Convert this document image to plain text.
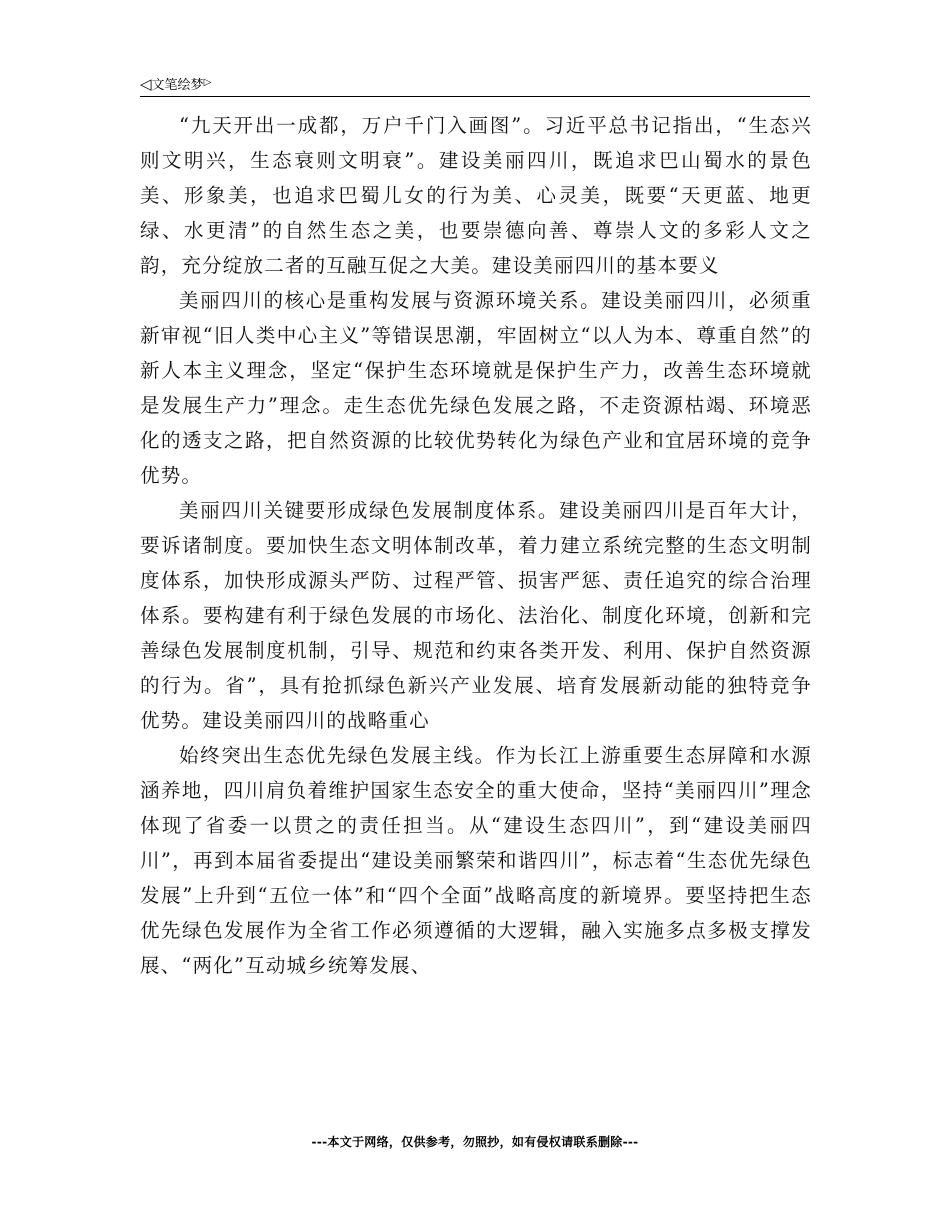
◁文笔绘梦▷

“九天开出一成都，万户千门入画图”。习近平总书记指出，“生态兴则文明兴，生态衰则文明衰”。建设美丽四川，既追求巴山蜀水的景色美、形象美，也追求巴蜀儿女的行为美、心灵美，既要“天更蓝、地更绿、水更清”的自然生态之美，也要崇德向善、尊崇人文的多彩人文之韵，充分绽放二者的互融互促之大美。建设美丽四川的基本要义

美丽四川的核心是重构发展与资源环境关系。建设美丽四川，必须重新审视“旧人类中心主义”等错误思潮，牢固树立“以人为本、尊重自然”的新人本主义理念，坚定“保护生态环境就是保护生产力，改善生态环境就是发展生产力”理念。走生态优先绿色发展之路，不走资源枯竭、环境恶化的透支之路，把自然资源的比较优势转化为绿色产业和宜居环境的竞争优势。

美丽四川关键要形成绿色发展制度体系。建设美丽四川是百年大计，要诉诸制度。要加快生态文明体制改革，着力建立系统完整的生态文明制度体系，加快形成源头严防、过程严管、损害严惩、责任追究的综合治理体系。要构建有利于绿色发展的市场化、法治化、制度化环境，创新和完善绿色发展制度机制，引导、规范和约束各类开发、利用、保护自然资源的行为。省”，具有抢抓绿色新兴产业发展、培育发展新动能的独特竞争优势。建设美丽四川的战略重心

始终突出生态优先绿色发展主线。作为长江上游重要生态屏障和水源涵养地，四川肩负着维护国家生态安全的重大使命，坚持“美丽四川”理念体现了省委一以贯之的责任担当。从“建设生态四川”，到“建设美丽四川”，再到本届省委提出“建设美丽繁荣和谐四川”，标志着“生态优先绿色发展”上升到“五位一体”和“四个全面”战略高度的新境界。要坚持把生态优先绿色发展作为全省工作必须遵循的大逻辑，融入实施多点多极支撑发展、“两化”互动城乡统筹发展、

---本文于网络，仅供参考，勿照抄，如有侵权请联系删除---
